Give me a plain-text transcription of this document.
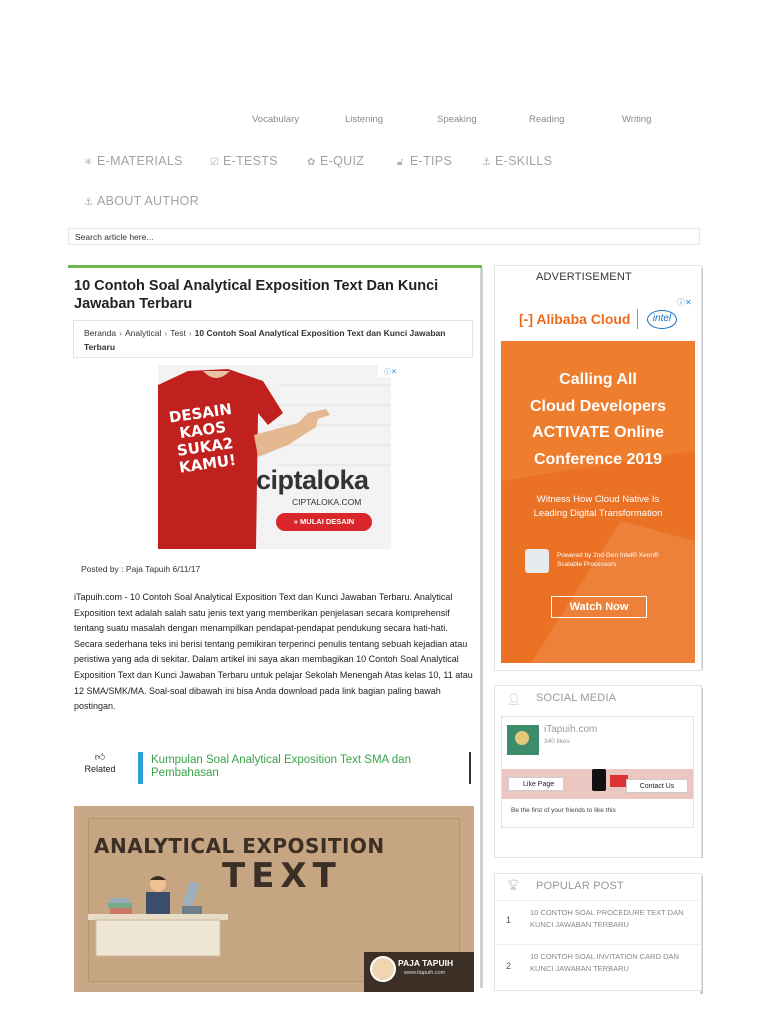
Vocabulary	Listening	Speaking	Reading	Writing
✳ E-MATERIALS	☑ E-TESTS	✿ E-QUIZ	🔓︎ E-TIPS	⚓︎ E-SKILLS
⚓︎ ABOUT AUTHOR
Search article here...
10 Contoh Soal Analytical Exposition Text Dan Kunci Jawaban Terbaru
Beranda › Analytical › Test › 10 Contoh Soal Analytical Exposition Text dan Kunci Jawaban Terbaru
ⓘ✕
DESAIN KAOS SUKA2 KAMU!
ciptaloka
CIPTALOKA.COM
» MULAI DESAIN
Posted by : Paja Tapuih 6/11/17
iTapuih.com - 10 Contoh Soal Analytical Exposition Text dan Kunci Jawaban Terbaru. Analytical Exposition text adalah salah satu jenis text yang memberikan penjelasan secara komprehensif tentang suatu masalah dengan menampilkan pendapat-pendapat pendukung secara hati-hati. Secara sederhana teks ini berisi tentang pemikiran terperinci penulis tentang sebuah kejadian atau peristiwa yang ada di sekitar. Dalam artikel ini saya akan membagikan 10 Contoh Soal Analytical Exposition Text dan Kunci Jawaban Terbaru untuk pelajar Sekolah Menengah Atas kelas 10, 11 atau 12 SMA/SMK/MA. Soal-soal dibawah ini bisa Anda download pada link bagian paling bawah postingan.
👍︎
Related
Kumpulan Soal Analytical Exposition Text SMA dan Pembahasan
ANALYTICAL EXPOSITION
TEXT
PAJA TAPUIH
www.itapuih.com
ADVERTISEMENT
[-] Alibaba Cloud	intel
ⓘ✕
Calling All
Cloud Developers
ACTIVATE Online
Conference 2019
Witness How Cloud Native Is Leading Digital Transformation
Powered by 2nd Gen Intel® Xeon® Scalable Processors
Watch Now
👤︎ SOCIAL MEDIA
iTapuih.com
340 likes
Like Page	Contact Us
Be the first of your friends to like this
🏆︎ POPULAR POST
1
10 CONTOH SOAL PROCEDURE TEXT DAN KUNCI JAWABAN TERBARU
2
10 CONTOH SOAL INVITATION CARD DAN KUNCI JAWABAN TERBARU
